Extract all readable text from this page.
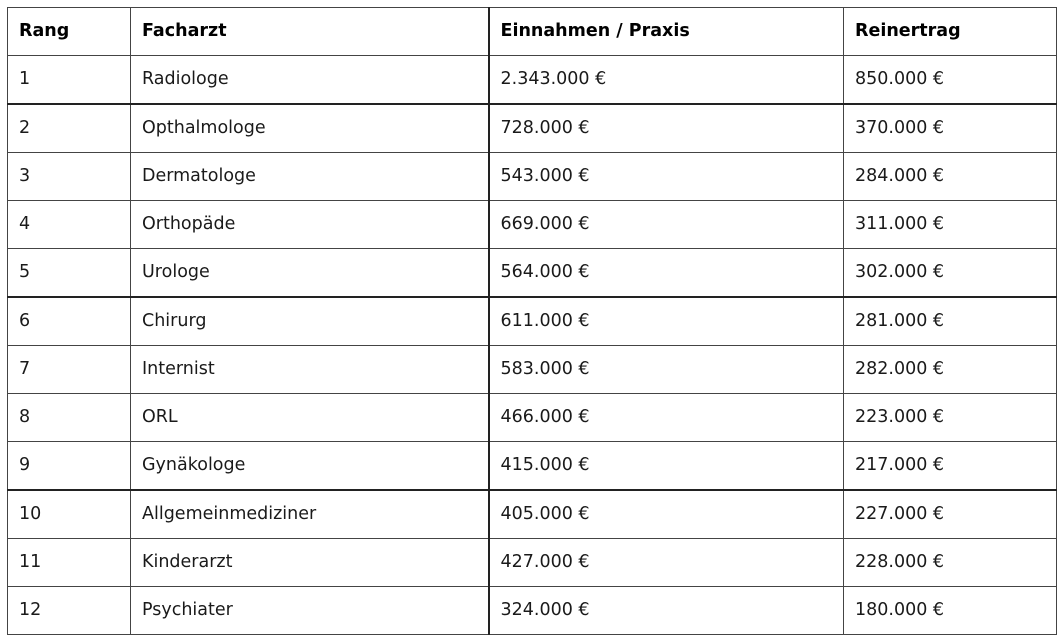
Rang	Facharzt	Einnahmen / Praxis	Reinertrag
1	Radiologe	2.343.000 €	850.000 €
2	Opthalmologe	728.000 €	370.000 €
3	Dermatologe	543.000 €	284.000 €
4	Orthopäde	669.000 €	311.000 €
5	Urologe	564.000 €	302.000 €
6	Chirurg	611.000 €	281.000 €
7	Internist	583.000 €	282.000 €
8	ORL	466.000 €	223.000 €
9	Gynäkologe	415.000 €	217.000 €
10	Allgemeinmediziner	405.000 €	227.000 €
11	Kinderarzt	427.000 €	228.000 €
12	Psychiater	324.000 €	180.000 €
